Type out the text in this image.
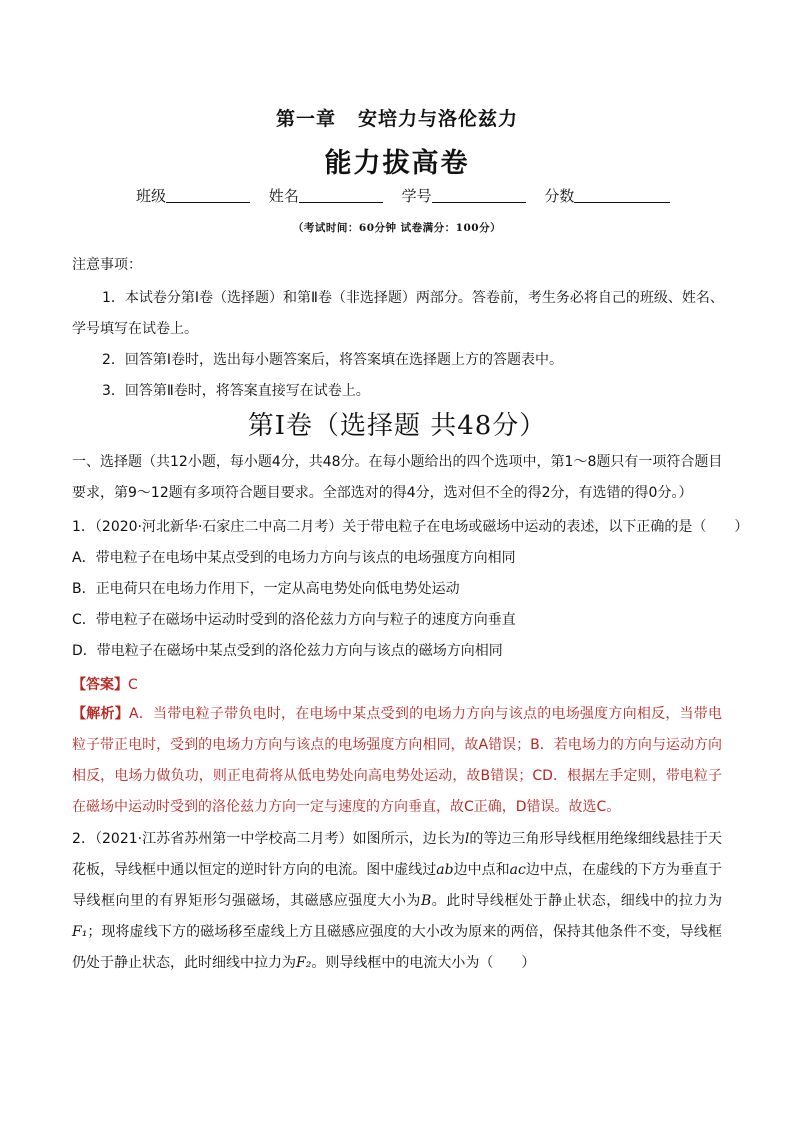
第一章 安培力与洛伦兹力
能力拔高卷
班级	姓名	学号	分数
（考试时间：60分钟 试卷满分：100分）
注意事项：
1．本试卷分第Ⅰ卷（选择题）和第Ⅱ卷（非选择题）两部分。答卷前，考生务必将自己的班级、姓名、
学号填写在试卷上。
2．回答第Ⅰ卷时，选出每小题答案后，将答案填在选择题上方的答题表中。
3．回答第Ⅱ卷时，将答案直接写在试卷上。
第Ⅰ卷（选择题 共48分）
一、选择题（共12小题，每小题4分，共48分。在每小题给出的四个选项中，第1～8题只有一项符合题目要求，第9～12题有多项符合题目要求。全部选对的得4分，选对但不全的得2分，有选错的得0分。）
1．（2020·河北新华·石家庄二中高二月考）关于带电粒子在电场或磁场中运动的表述，以下正确的是（　　）
A．带电粒子在电场中某点受到的电场力方向与该点的电场强度方向相同
B．正电荷只在电场力作用下，一定从高电势处向低电势处运动
C．带电粒子在磁场中运动时受到的洛伦兹力方向与粒子的速度方向垂直
D．带电粒子在磁场中某点受到的洛伦兹力方向与该点的磁场方向相同
【答案】C
【解析】A．当带电粒子带负电时，在电场中某点受到的电场力方向与该点的电场强度方向相反，当带电粒子带正电时，受到的电场力方向与该点的电场强度方向相同，故A错误；B．若电场力的方向与运动方向相反，电场力做负功，则正电荷将从低电势处向高电势处运动，故B错误；CD．根据左手定则，带电粒子在磁场中运动时受到的洛伦兹力方向一定与速度的方向垂直，故C正确，D错误。故选C。
2．（2021·江苏省苏州第一中学校高二月考）如图所示，边长为l的等边三角形导线框用绝缘细线悬挂于天花板，导线框中通以恒定的逆时针方向的电流。图中虚线过ab边中点和ac边中点，在虚线的下方为垂直于导线框向里的有界矩形匀强磁场，其磁感应强度大小为B。此时导线框处于静止状态，细线中的拉力为F₁；现将虚线下方的磁场移至虚线上方且磁感应强度的大小改为原来的两倍，保持其他条件不变，导线框仍处于静止状态，此时细线中拉力为F₂。则导线框中的电流大小为（　　）
